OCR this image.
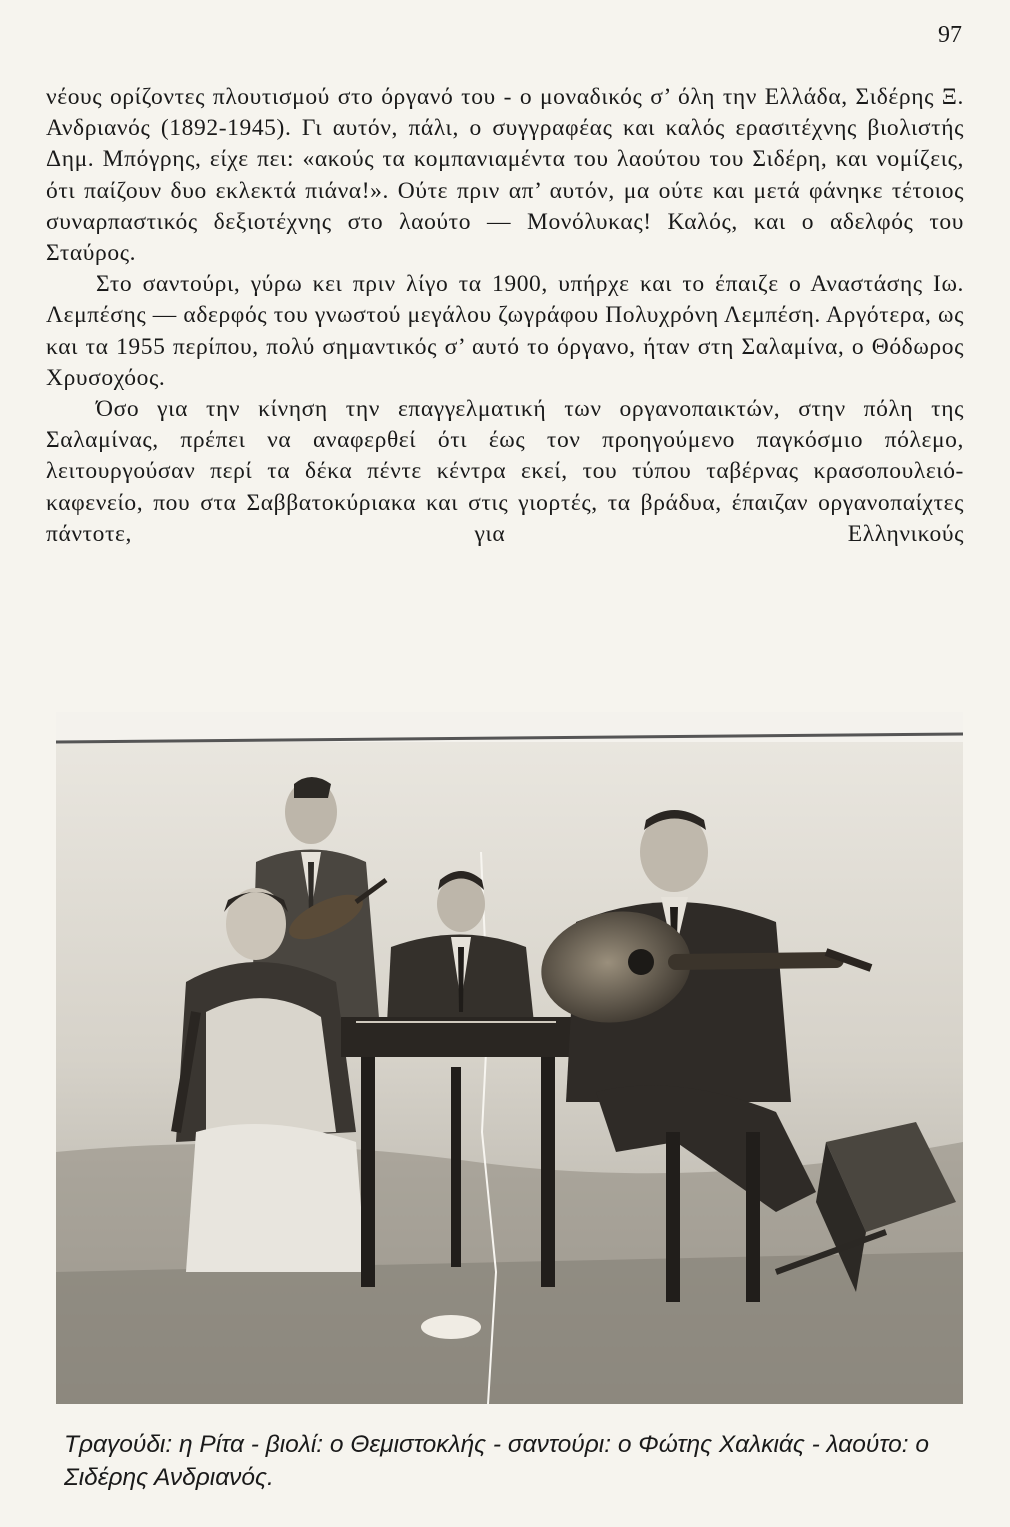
97

νέους ορίζοντες πλουτισμού στο όργανό του - ο μοναδικός σ’ όλη την Ελλάδα, Σιδέρης Ξ. Ανδριανός (1892-1945). Γι αυτόν, πάλι, ο συγγραφέας και καλός ερασιτέχνης βιολιστής Δημ. Μπόγρης, είχε πει: «ακούς τα κομπανιαμέντα του λαούτου του Σιδέρη, και νομίζεις, ότι παίζουν δυο εκλεκτά πιάνα!». Ούτε πριν απ’ αυτόν, μα ούτε και μετά φάνηκε τέτοιος συναρπαστικός δεξιοτέχνης στο λαούτο — Μονόλυκας! Καλός, και ο αδελφός του Σταύρος.

Στο σαντούρι, γύρω κει πριν λίγο τα 1900, υπήρχε και το έπαιζε ο Αναστάσης Ιω. Λεμπέσης — αδερφός του γνωστού μεγάλου ζωγράφου Πολυχρόνη Λεμπέση. Αργότερα, ως και τα 1955 περίπου, πολύ σημαντικός σ’ αυτό το όργανο, ήταν στη Σαλαμίνα, ο Θόδωρος Χρυσοχόος.

Όσο για την κίνηση την επαγγελματική των οργανοπαικτών, στην πόλη της Σαλαμίνας, πρέπει να αναφερθεί ότι έως τον προηγούμενο παγκόσμιο πόλεμο, λειτουργούσαν περί τα δέκα πέντε κέντρα εκεί, του τύπου ταβέρνας κρασοπουλειό-καφενείο, που στα Σαββατοκύριακα και στις γιορτές, τα βράδυα, έπαιζαν οργανοπαίχτες πάντοτε, για Ελληνικούς

Τραγούδι: η Ρίτα - βιολί: ο Θεμιστοκλής - σαντούρι: ο Φώτης Χαλκιάς - λαούτο: ο Σιδέρης Ανδριανός.
